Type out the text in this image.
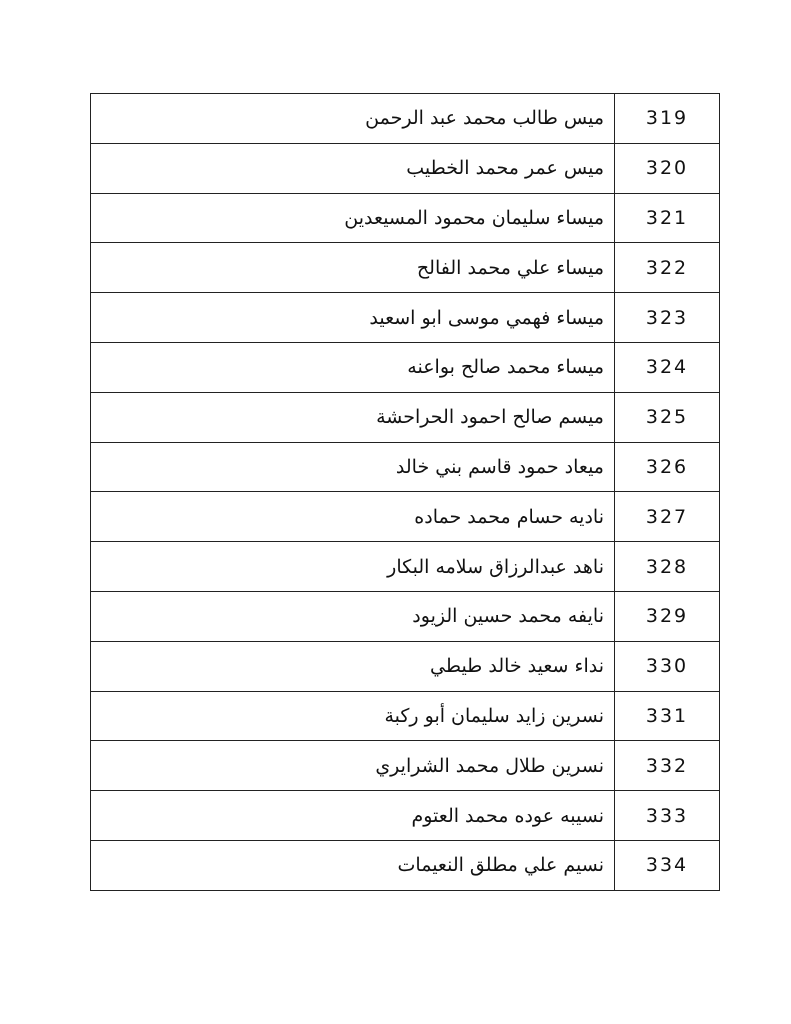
319	ميس طالب محمد عبد الرحمن
320	ميس عمر محمد الخطيب
321	ميساء سليمان محمود المسيعدين
322	ميساء علي محمد الفالح
323	ميساء فهمي موسى ابو اسعيد
324	ميساء محمد صالح بواعنه
325	ميسم صالح احمود الحراحشة
326	ميعاد حمود قاسم بني خالد
327	ناديه حسام محمد حماده
328	ناهد عبدالرزاق سلامه البكار
329	نايفه محمد حسين الزيود
330	نداء سعيد خالد طيطي
331	نسرين زايد سليمان أبو ركبة
332	نسرين طلال محمد الشرايري
333	نسيبه عوده محمد العتوم
334	نسيم علي مطلق النعيمات
